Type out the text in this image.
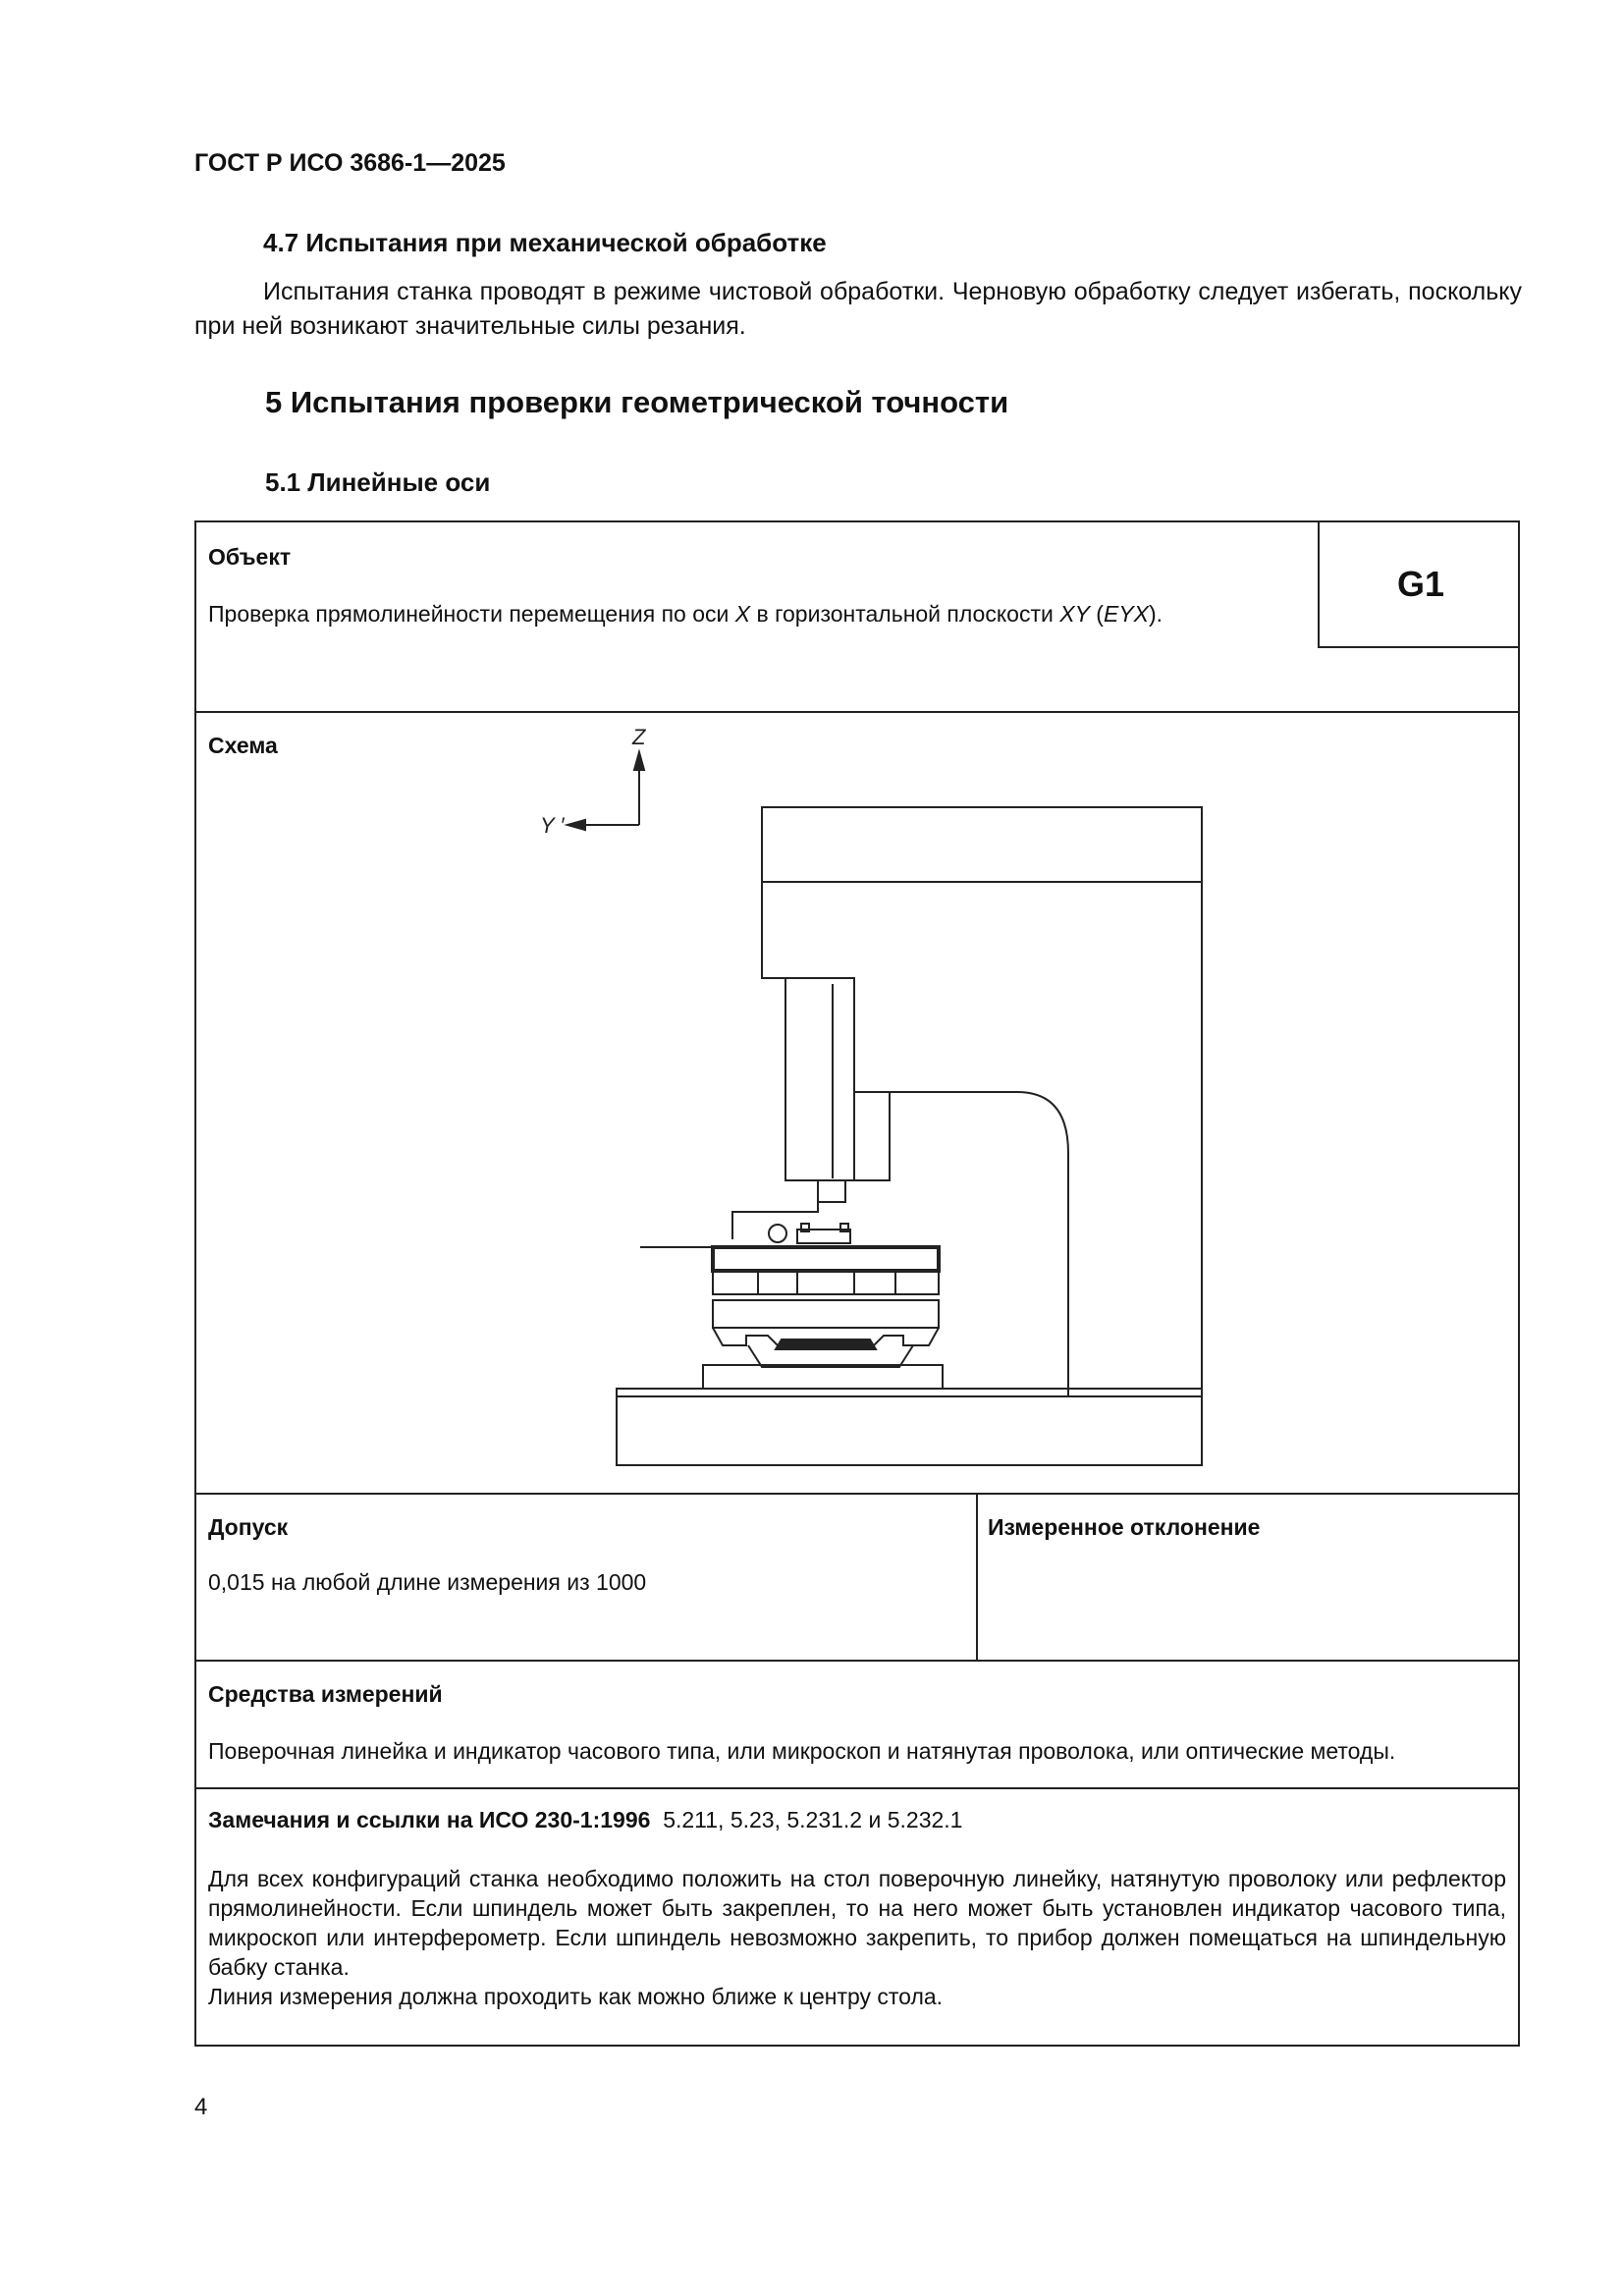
ГОСТ Р ИСО 3686-1—2025
4.7 Испытания при механической обработке
Испытания станка проводят в режиме чистовой обработки. Черновую обработку следует избегать, поскольку при ней возникают значительные силы резания.
5 Испытания проверки геометрической точности
5.1 Линейные оси
Объект
Проверка прямолинейности перемещения по оси X в горизонтальной плоскости XY (EYX).
G1
Схема	Z
Y ′
Допуск
0,015 на любой длине измерения из 1000
Измеренное отклонение
Средства измерений
Поверочная линейка и индикатор часового типа, или микроскоп и натянутая проволока, или оптические методы.
Замечания и ссылки на ИСО 230-1:1996 5.211, 5.23, 5.231.2 и 5.232.1

Для всех конфигураций станка необходимо положить на стол поверочную линейку, натянутую проволоку или рефлектор прямолинейности. Если шпиндель может быть закреплен, то на него может быть установлен индикатор часового типа, микроскоп или интерферометр. Если шпиндель невозможно закрепить, то прибор должен помещаться на шпиндельную бабку станка.

Линия измерения должна проходить как можно ближе к центру стола.

4
